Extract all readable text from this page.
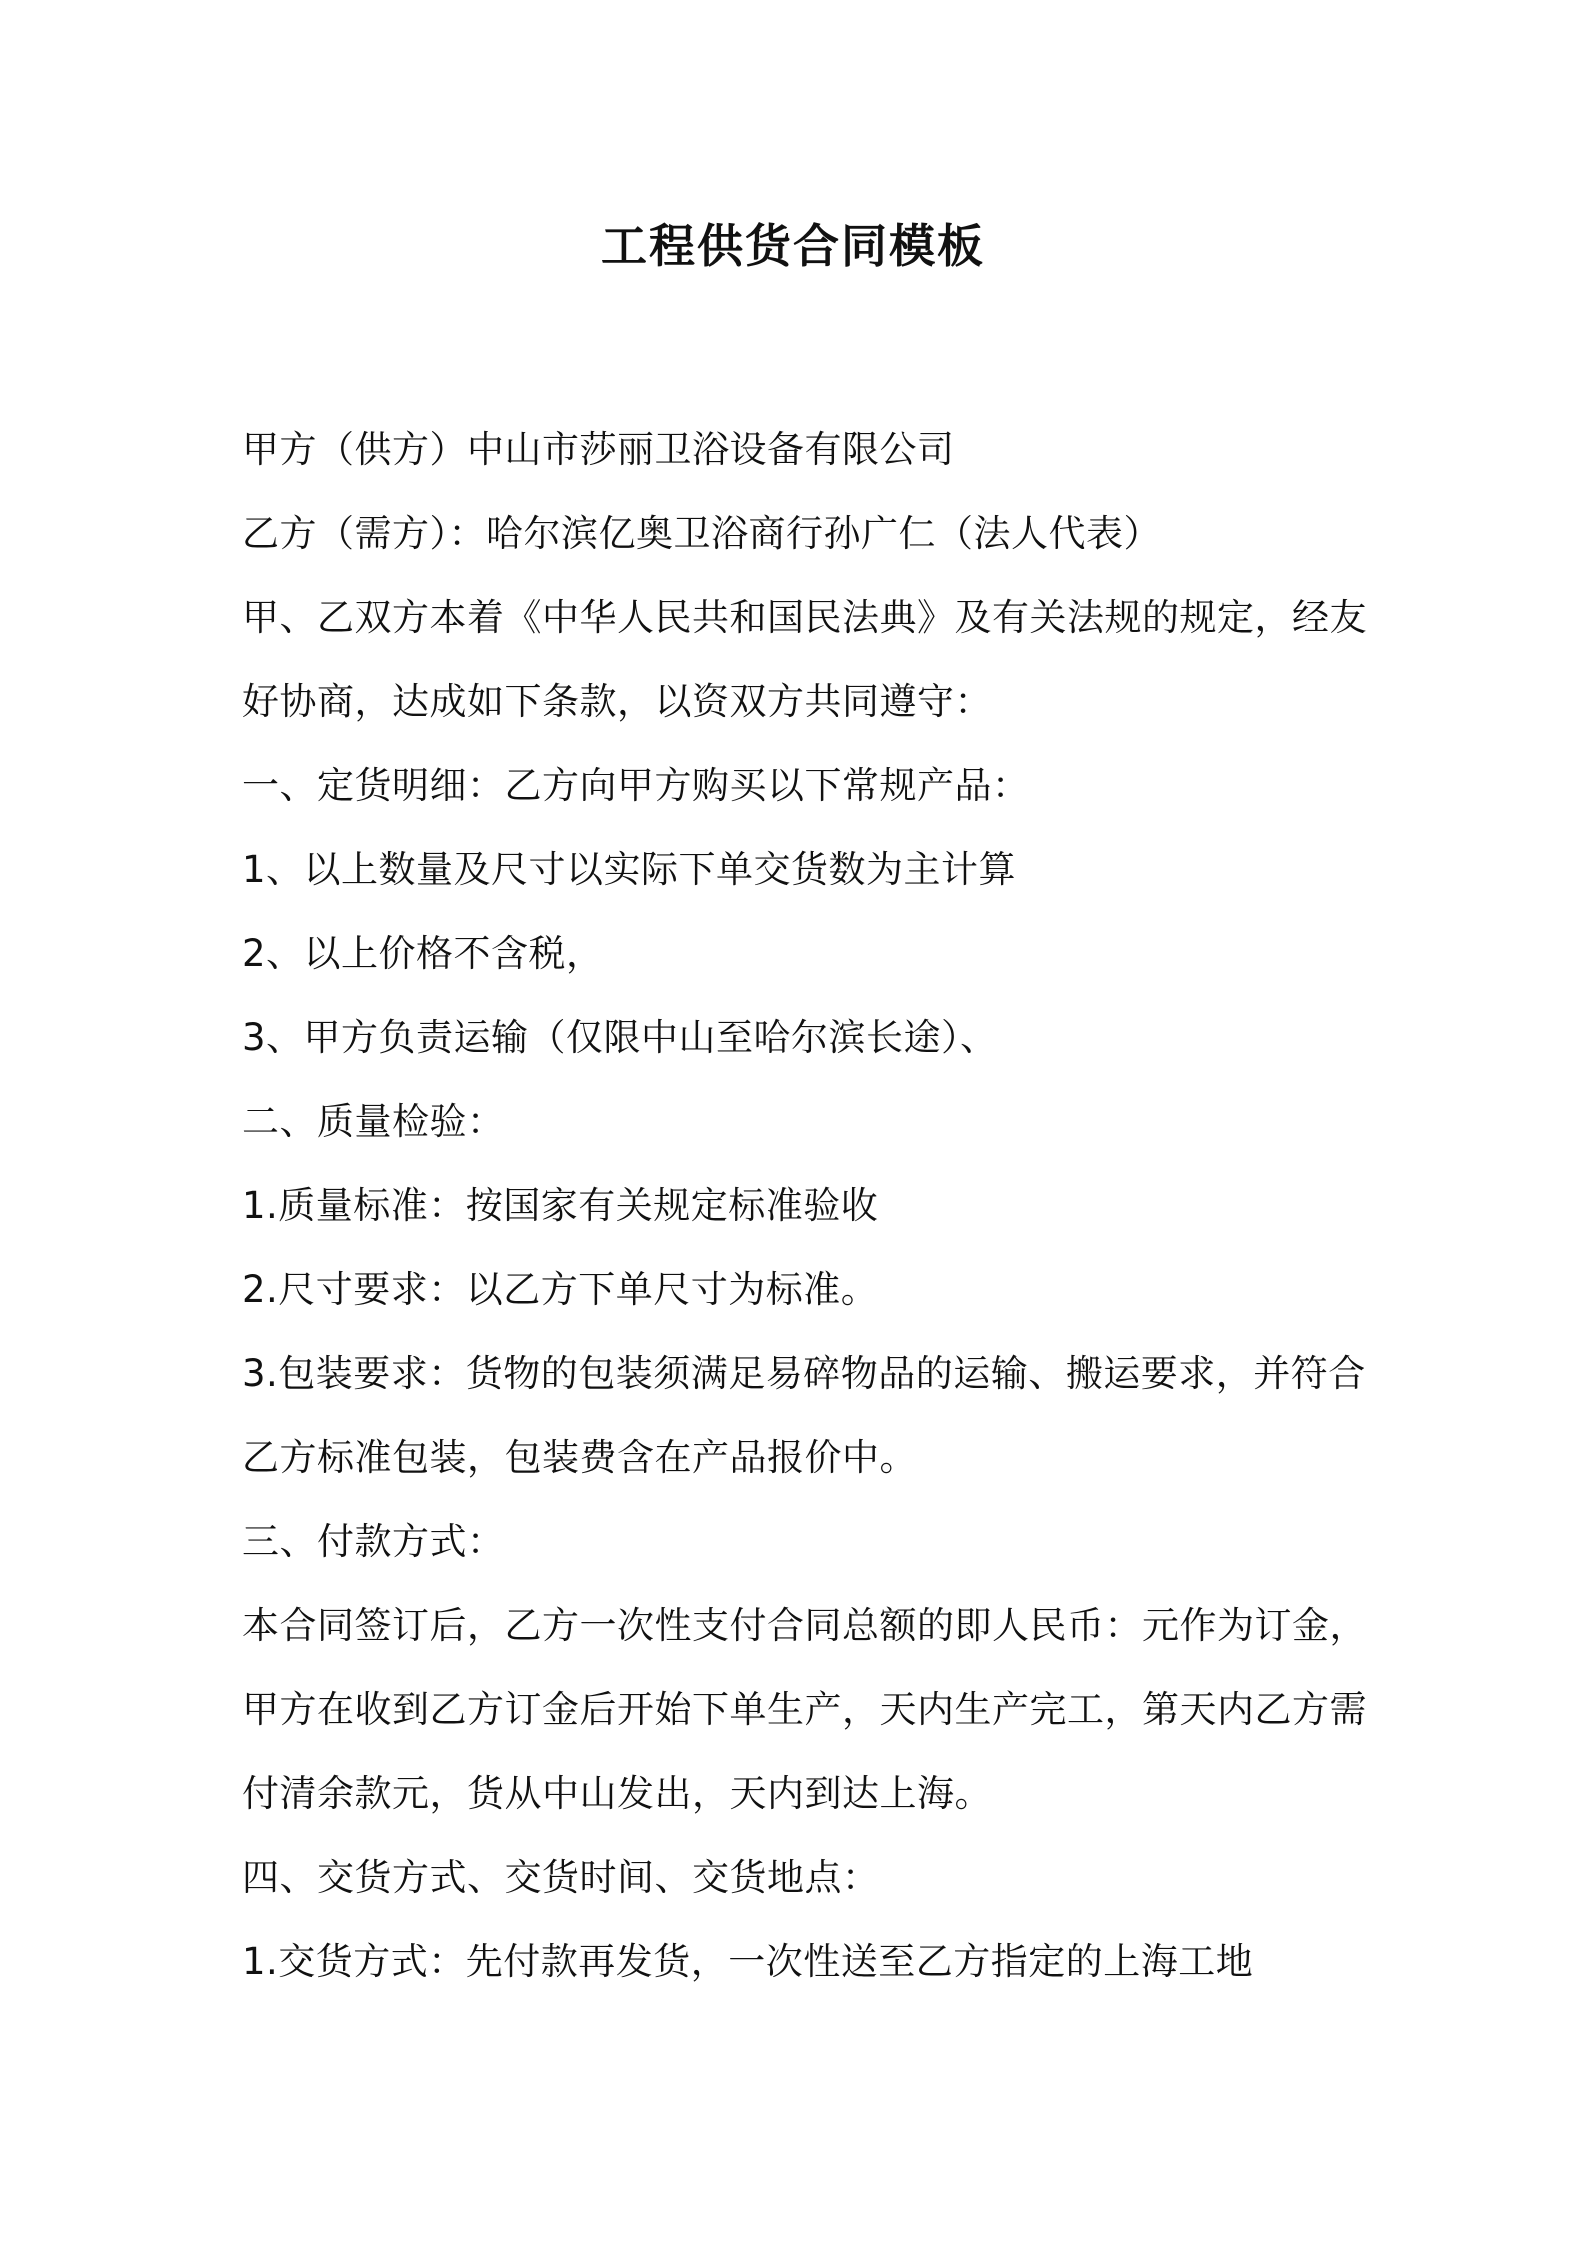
工程供货合同模板

甲方（供方）中山市莎丽卫浴设备有限公司

乙方（需方）：哈尔滨亿奥卫浴商行孙广仁（法人代表）

甲、乙双方本着《中华人民共和国民法典》及有关法规的规定，经友

好协商，达成如下条款，以资双方共同遵守：

一、定货明细：乙方向甲方购买以下常规产品：

1、以上数量及尺寸以实际下单交货数为主计算

2、以上价格不含税，

3、甲方负责运输（仅限中山至哈尔滨长途）、

二、质量检验：

1.质量标准：按国家有关规定标准验收

2.尺寸要求：以乙方下单尺寸为标准。

3.包装要求：货物的包装须满足易碎物品的运输、搬运要求，并符合

乙方标准包装，包装费含在产品报价中。

三、付款方式：

本合同签订后，乙方一次性支付合同总额的即人民币：元作为订金，

甲方在收到乙方订金后开始下单生产，天内生产完工，第天内乙方需

付清余款元，货从中山发出，天内到达上海。

四、交货方式、交货时间、交货地点：

1.交货方式：先付款再发货，一次性送至乙方指定的上海工地
